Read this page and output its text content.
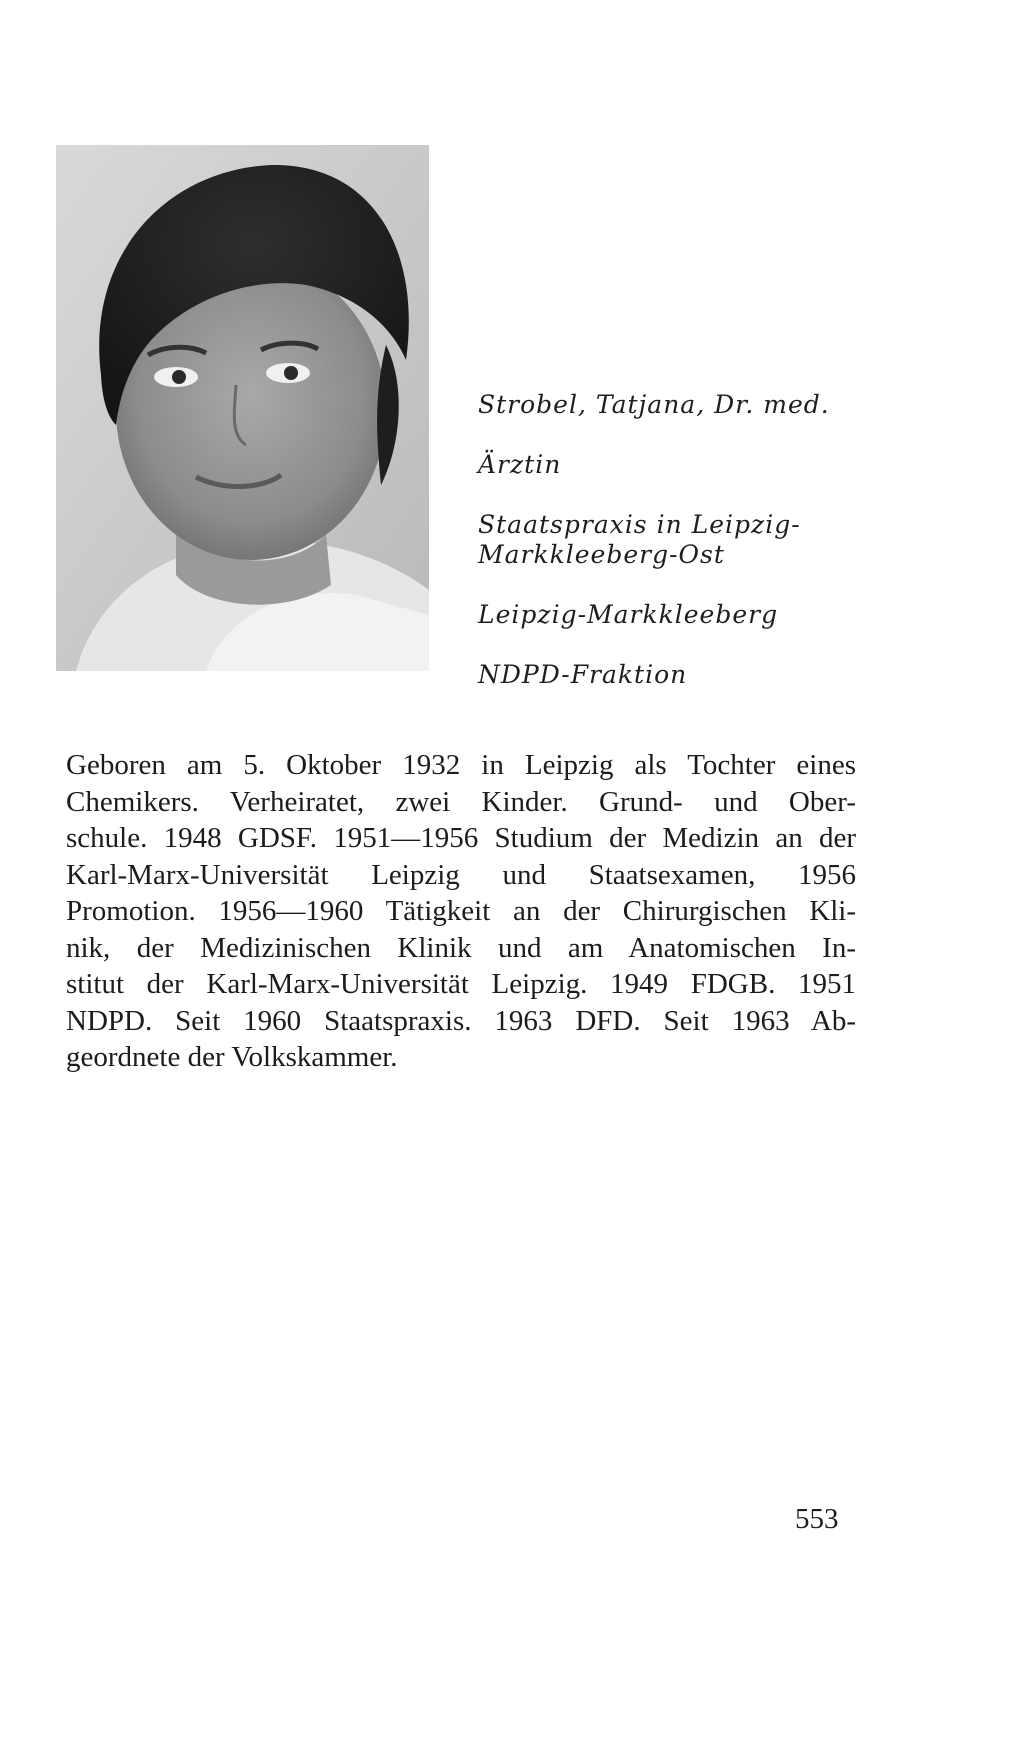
Strobel, Tatjana, Dr. med.
Ärztin
Staatspraxis in Leipzig-
Markkleeberg-Ost
Leipzig-Markkleeberg
NDPD-Fraktion
Geboren am 5. Oktober 1932 in Leipzig als Tochter eines
Chemikers. Verheiratet, zwei Kinder. Grund- und Ober-
schule. 1948 GDSF. 1951—1956 Studium der Medizin an der
Karl-Marx-Universität Leipzig und Staatsexamen, 1956
Promotion. 1956—1960 Tätigkeit an der Chirurgischen Kli-
nik, der Medizinischen Klinik und am Anatomischen In-
stitut der Karl-Marx-Universität Leipzig. 1949 FDGB. 1951
NDPD. Seit 1960 Staatspraxis. 1963 DFD. Seit 1963 Ab-
geordnete der Volkskammer.
553
